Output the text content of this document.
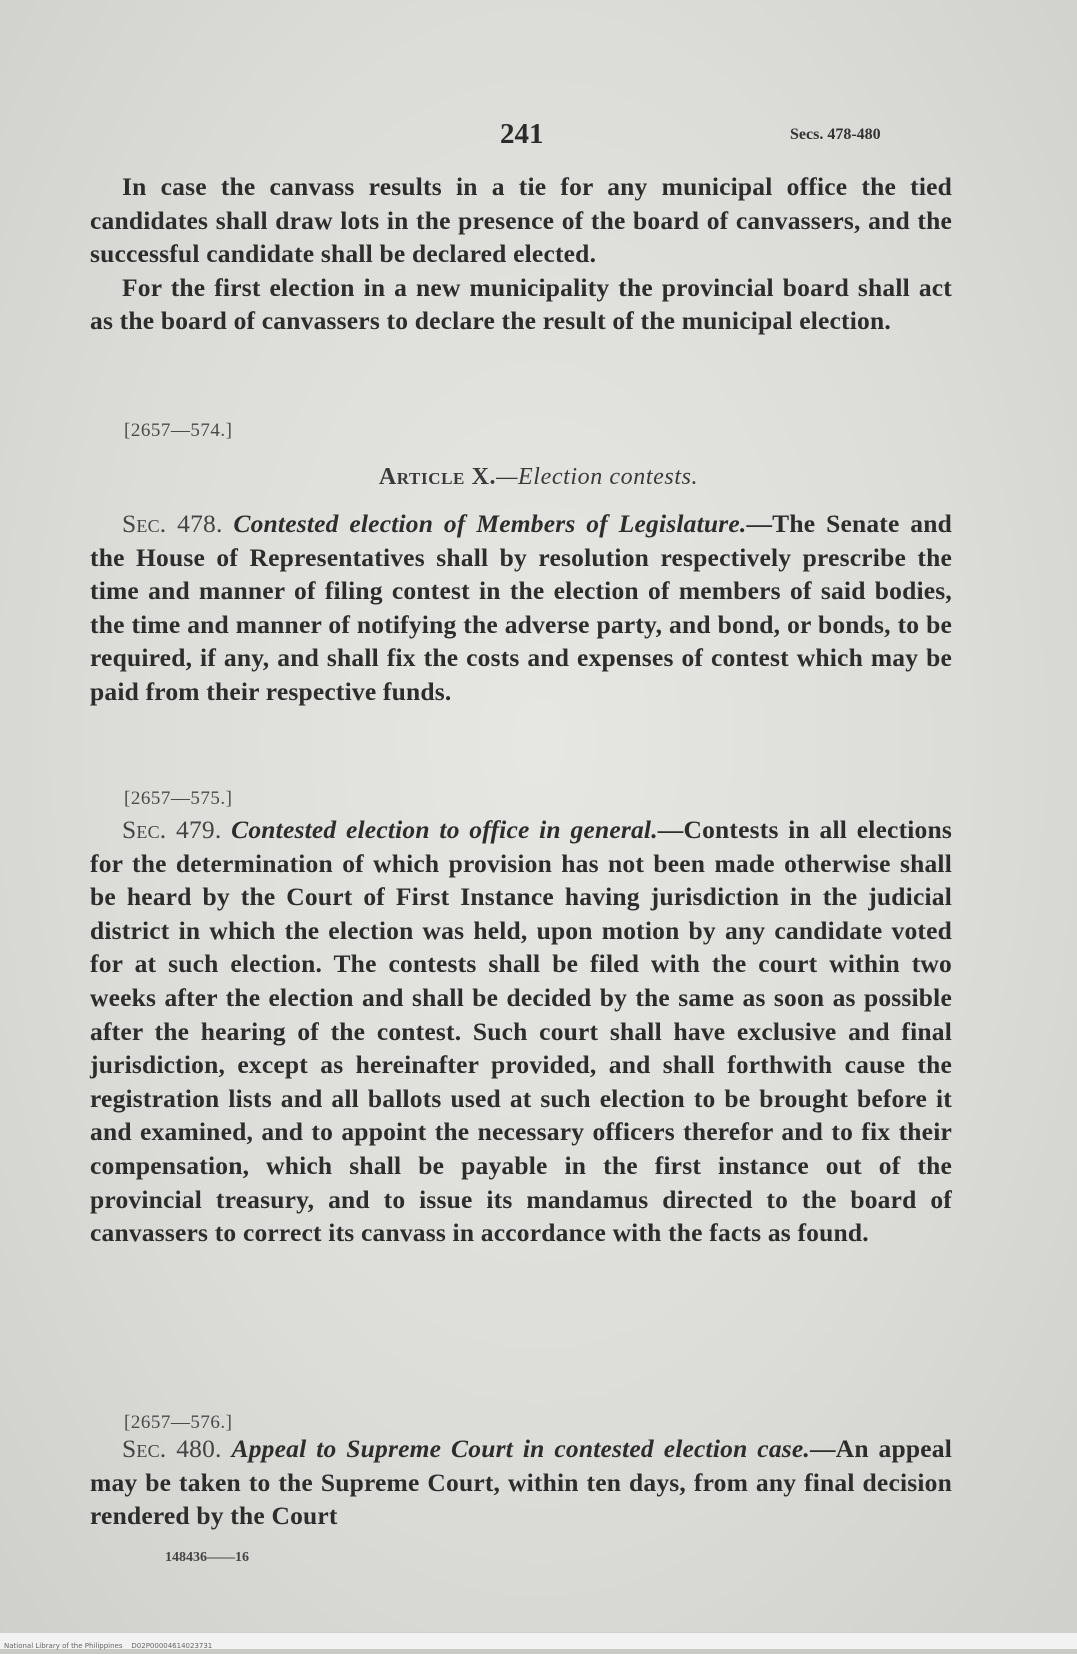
241	Secs. 478-480

In case the canvass results in a tie for any municipal office the tied candidates shall draw lots in the presence of the board of canvassers, and the successful candidate shall be declared elected.

For the first election in a new municipality the provincial board shall act as the board of canvassers to declare the result of the municipal election.

[2657—574.]
Article X.—Election contests.

Sec. 478. Contested election of Members of Legislature.—The Senate and the House of Representatives shall by resolution respectively prescribe the time and manner of filing contest in the election of members of said bodies, the time and manner of notifying the adverse party, and bond, or bonds, to be required, if any, and shall fix the costs and expenses of contest which may be paid from their respective funds.

[2657—575.]

Sec. 479. Contested election to office in general.—Contests in all elections for the determination of which provision has not been made otherwise shall be heard by the Court of First Instance having jurisdiction in the judicial district in which the election was held, upon motion by any candidate voted for at such election. The contests shall be filed with the court within two weeks after the election and shall be decided by the same as soon as possible after the hearing of the contest. Such court shall have exclusive and final jurisdiction, except as hereinafter provided, and shall forthwith cause the registration lists and all ballots used at such election to be brought before it and examined, and to appoint the necessary officers therefor and to fix their compensation, which shall be payable in the first instance out of the provincial treasury, and to issue its mandamus directed to the board of canvassers to correct its canvass in accordance with the facts as found.

[2657—576.]

Sec. 480. Appeal to Supreme Court in contested election case.—An appeal may be taken to the Supreme Court, within ten days, from any final decision rendered by the Court

148436——16
National Library of the Philippines    D02P00004614023731
